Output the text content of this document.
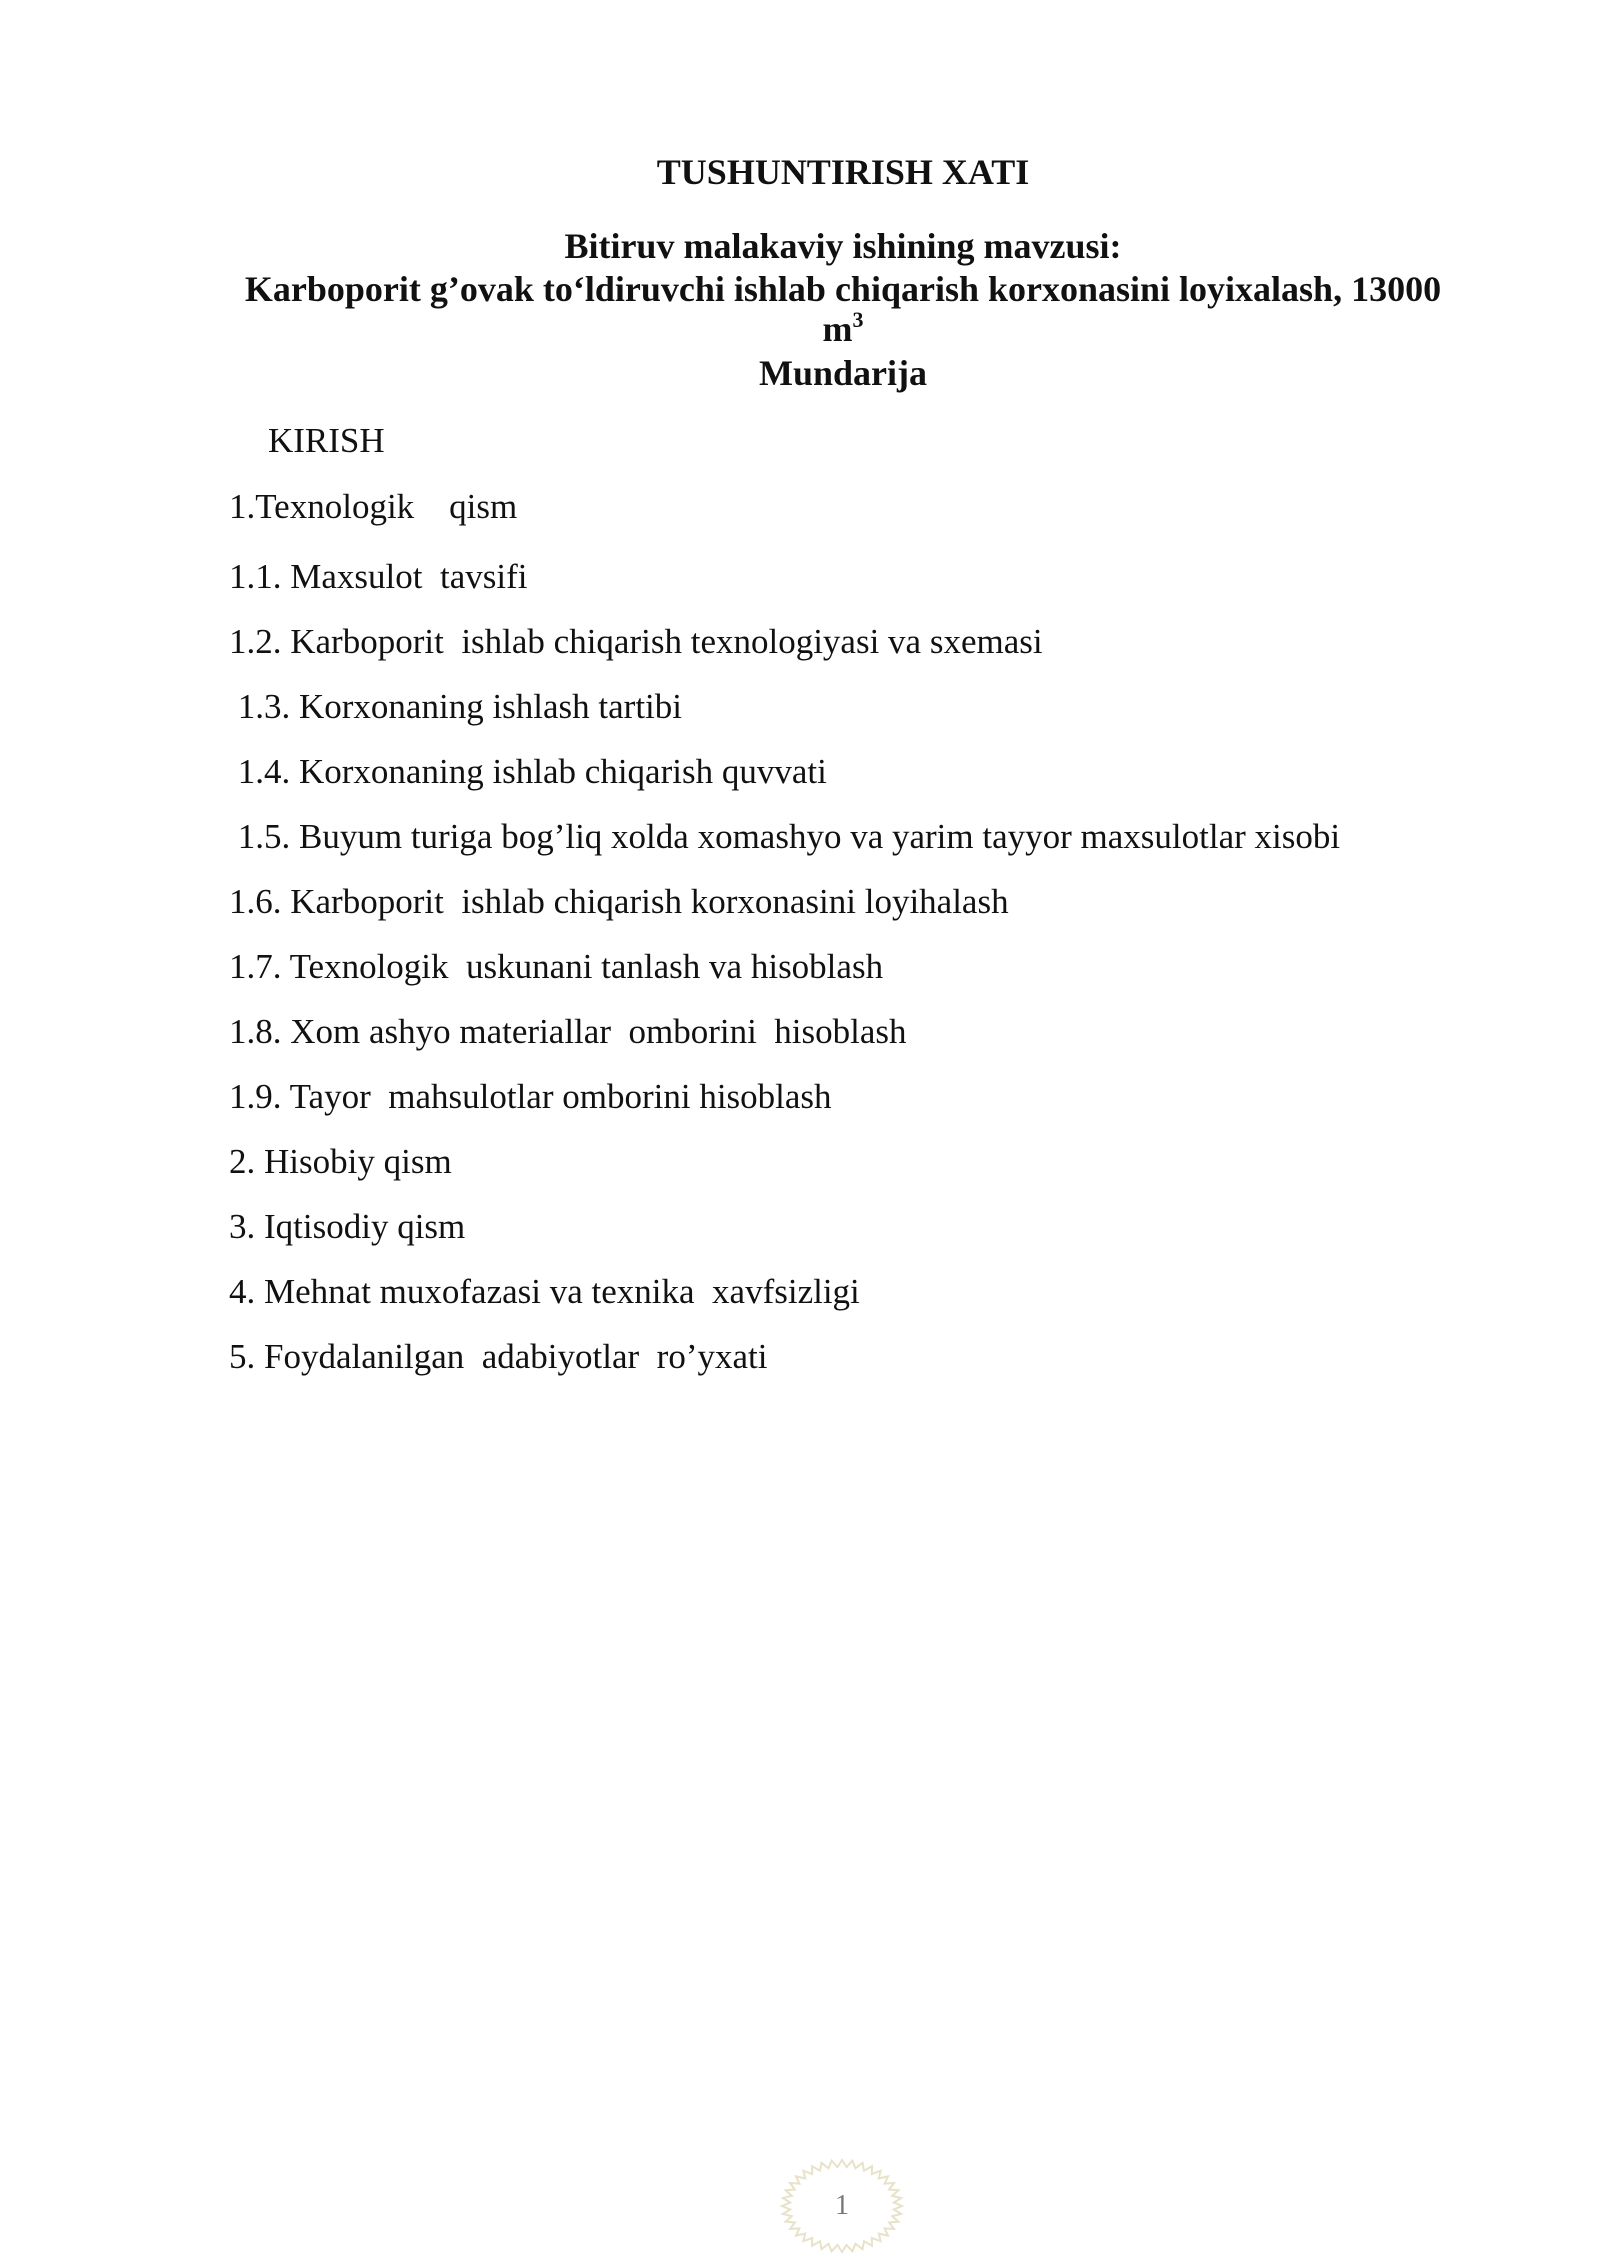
TUSHUNTIRISH XATI
Bitiruv malakaviy ishining mavzusi:
Karboporit g’ovak to‘ldiruvchi ishlab chiqarish korxonasini loyixalash, 13000
$m^3$
Mundarija
KIRISH
1.Texnologik    qism
1.1. Maxsulot  tavsifi
1.2. Karboporit  ishlab chiqarish texnologiyasi va sxemasi
1.3. Korxonaning ishlash tartibi
1.4. Korxonaning ishlab chiqarish quvvati
1.5. Buyum turiga bog’liq xolda xomashyo va yarim tayyor maxsulotlar xisobi
1.6. Karboporit  ishlab chiqarish korxonasini loyihalash
1.7. Texnologik  uskunani tanlash va hisoblash
1.8. Xom ashyo materiallar  omborini  hisoblash
1.9. Tayor  mahsulotlar omborini hisoblash
2. Hisobiy qism
3. Iqtisodiy qism
4. Mehnat muxofazasi va texnika  xavfsizligi
5. Foydalanilgan  adabiyotlar  ro’yxati
1
